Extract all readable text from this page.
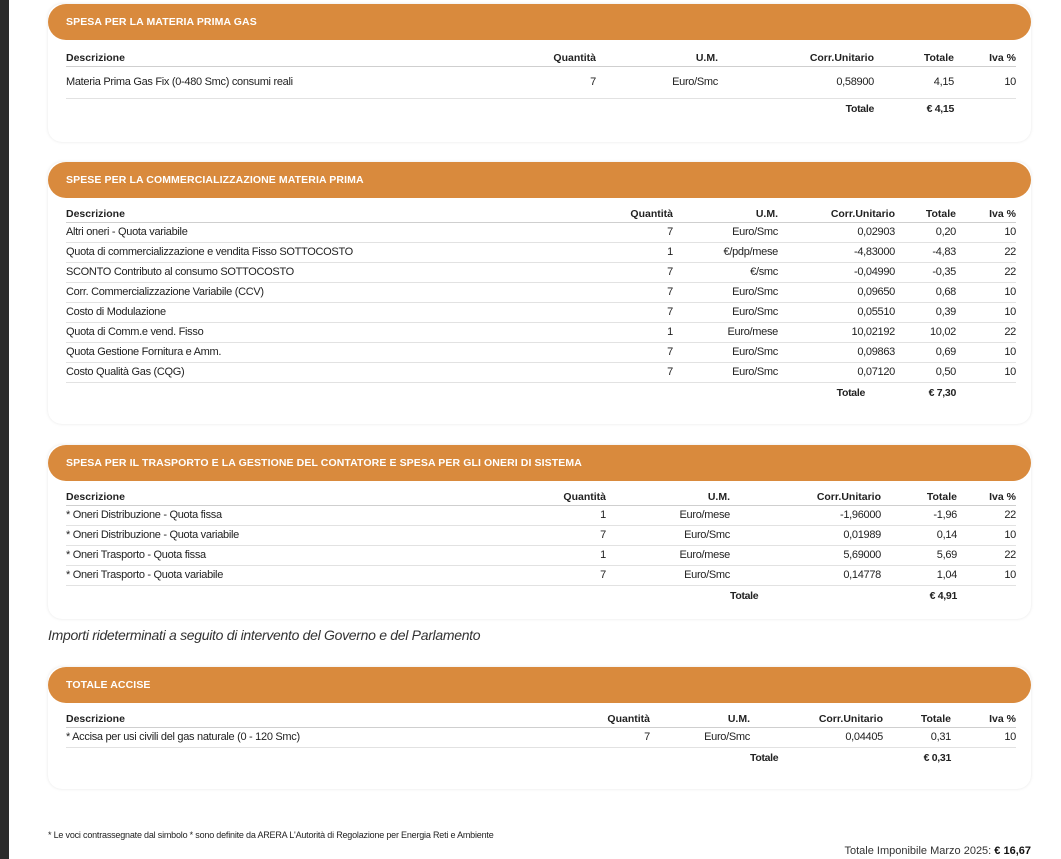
SPESA PER LA MATERIA PRIMA GAS
Descrizione	Quantità	U.M.	Corr.Unitario	Totale	Iva %
Materia Prima Gas Fix (0-480 Smc) consumi reali	7	Euro/Smc	0,58900	4,15	10
			Totale	€ 4,15	
SPESE PER LA COMMERCIALIZZAZIONE MATERIA PRIMA
Descrizione	Quantità	U.M.	Corr.Unitario	Totale	Iva %
Altri oneri - Quota variabile	7	Euro/Smc	0,02903	0,20	10
Quota di commercializzazione e vendita Fisso SOTTOCOSTO	1	€/pdp/mese	-4,83000	-4,83	22
SCONTO Contributo al consumo SOTTOCOSTO	7	€/smc	-0,04990	-0,35	22
Corr. Commercializzazione Variabile (CCV)	7	Euro/Smc	0,09650	0,68	10
Costo di Modulazione	7	Euro/Smc	0,05510	0,39	10
Quota di Comm.e vend. Fisso	1	Euro/mese	10,02192	10,02	22
Quota Gestione Fornitura e Amm.	7	Euro/Smc	0,09863	0,69	10
Costo Qualità Gas (CQG)	7	Euro/Smc	0,07120	0,50	10
			Totale	€ 7,30	
SPESA PER IL TRASPORTO E LA GESTIONE DEL CONTATORE E SPESA PER GLI ONERI DI SISTEMA
Descrizione	Quantità	U.M.	Corr.Unitario	Totale	Iva %
* Oneri Distribuzione - Quota fissa	1	Euro/mese	-1,96000	-1,96	22
* Oneri Distribuzione - Quota variabile	7	Euro/Smc	0,01989	0,14	10
* Oneri Trasporto - Quota fissa	1	Euro/mese	5,69000	5,69	22
* Oneri Trasporto - Quota variabile	7	Euro/Smc	0,14778	1,04	10
			Totale	€ 4,91	
Importi rideterminati a seguito di intervento del Governo e del Parlamento
TOTALE ACCISE
Descrizione	Quantità	U.M.	Corr.Unitario	Totale	Iva %
* Accisa per usi civili del gas naturale (0 - 120 Smc)	7	Euro/Smc	0,04405	0,31	10
			Totale	€ 0,31	
* Le voci contrassegnate dal simbolo * sono definite da ARERA L'Autorità di Regolazione per Energia Reti e Ambiente
Totale Imponibile Marzo 2025: € 16,67
